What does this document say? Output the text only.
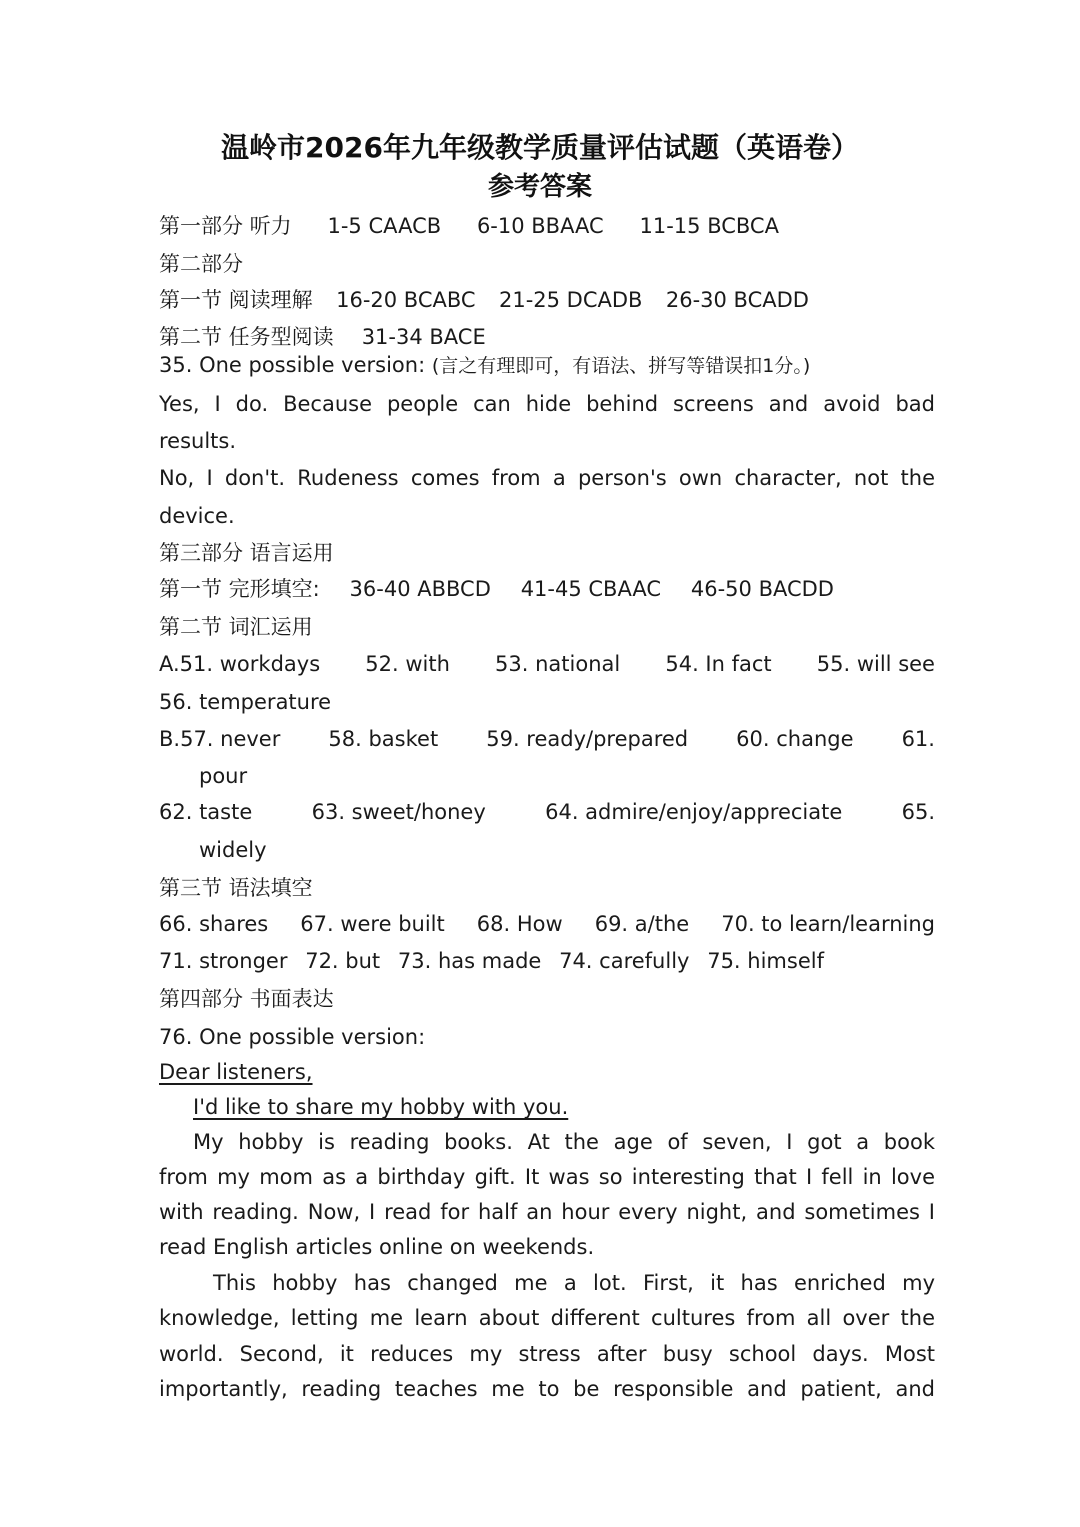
温岭市2026年九年级教学质量评估试题（英语卷）
参考答案
第一部分 听力 1-5 CAACB 6-10 BBAAC 11-15 BCBCA
第二部分
第一节 阅读理解 16-20 BCABC 21-25 DCADB 26-30 BCADD
第二节 任务型阅读 31-34 BACE
35. One possible version: (言之有理即可，有语法、拼写等错误扣1分。)
Yes, I do. Because people can hide behind screens and avoid bad
results.
No, I don't. Rudeness comes from a person's own character, not the
device.
第三部分 语言运用
第一节 完形填空: 36-40 ABBCD 41-45 CBAAC 46-50 BACDD
第二节 词汇运用
A.51. workdays 52. with 53. national 54. In fact 55. will see
56. temperature
B.57. never 58. basket 59. ready/prepared 60. change 61.
pour
62. taste	63. sweet/honey	64. admire/enjoy/appreciate	65.
widely
第三节 语法填空
66. shares 67. were built 68. How 69. a/the 70. to learn/learning
71. stronger 72. but 73. has made 74. carefully 75. himself
第四部分 书面表达
76. One possible version:
Dear listeners,
I'd like to share my hobby with you.
My hobby is reading books. At the age of seven, I got a book
from my mom as a birthday gift. It was so interesting that I fell in love
with reading. Now, I read for half an hour every night, and sometimes I
read English articles online on weekends.
This hobby has changed me a lot. First, it has enriched my
knowledge, letting me learn about different cultures from all over the
world. Second, it reduces my stress after busy school days. Most
importantly, reading teaches me to be responsible and patient, and
